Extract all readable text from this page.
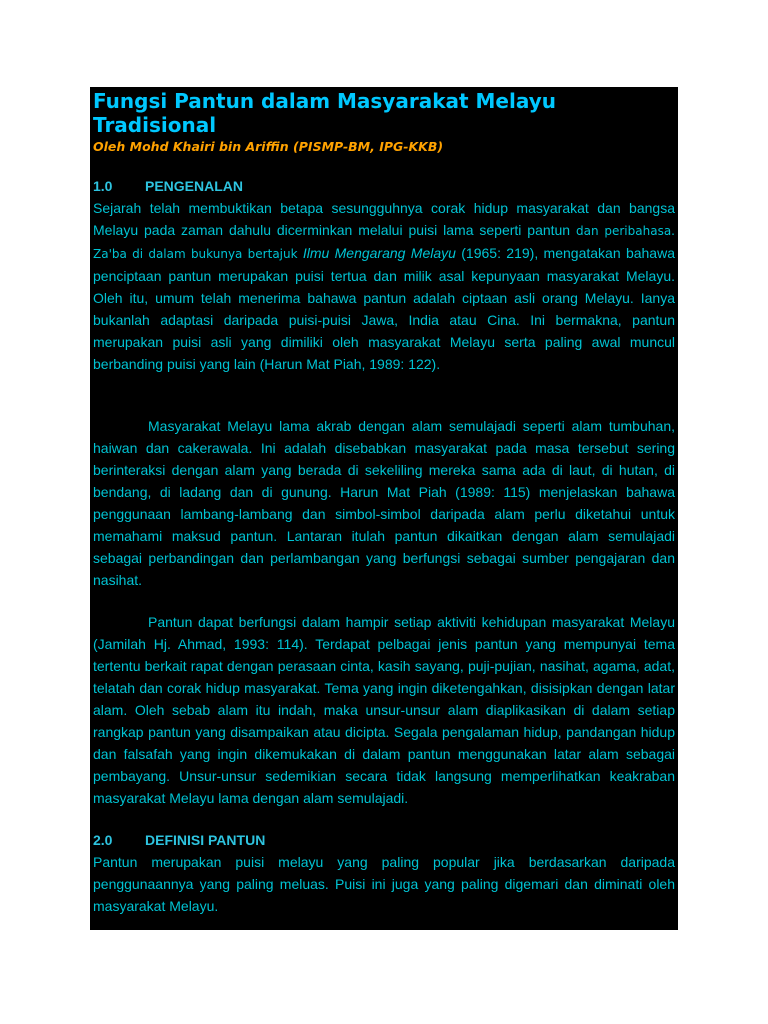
Fungsi Pantun dalam Masyarakat Melayu Tradisional
Oleh Mohd Khairi bin Ariffin (PISMP-BM, IPG-KKB)
1.0	PENGENALAN

Sejarah telah membuktikan betapa sesungguhnya corak hidup masyarakat dan bangsa Melayu pada zaman dahulu dicerminkan melalui puisi lama seperti pantun dan peribahasa. Za'ba di dalam bukunya bertajuk Ilmu Mengarang Melayu (1965: 219), mengatakan bahawa penciptaan pantun merupakan puisi tertua dan milik asal kepunyaan masyarakat Melayu. Oleh itu, umum telah menerima bahawa pantun adalah ciptaan asli orang Melayu. Ianya bukanlah adaptasi daripada puisi-puisi Jawa, India atau Cina. Ini bermakna, pantun merupakan puisi asli yang dimiliki oleh masyarakat Melayu serta paling awal muncul berbanding puisi yang lain (Harun Mat Piah, 1989: 122).

Masyarakat Melayu lama akrab dengan alam semulajadi seperti alam tumbuhan, haiwan dan cakerawala. Ini adalah disebabkan masyarakat pada masa tersebut sering berinteraksi dengan alam yang berada di sekeliling mereka sama ada di laut, di hutan, di bendang, di ladang dan di gunung. Harun Mat Piah (1989: 115) menjelaskan bahawa penggunaan lambang-lambang dan simbol-simbol daripada alam perlu diketahui untuk memahami maksud pantun. Lantaran itulah pantun dikaitkan dengan alam semulajadi sebagai perbandingan dan perlambangan yang berfungsi sebagai sumber pengajaran dan nasihat.

Pantun dapat berfungsi dalam hampir setiap aktiviti kehidupan masyarakat Melayu (Jamilah Hj. Ahmad, 1993: 114). Terdapat pelbagai jenis pantun yang mempunyai tema tertentu berkait rapat dengan perasaan cinta, kasih sayang, puji-pujian, nasihat, agama, adat, telatah dan corak hidup masyarakat. Tema yang ingin diketengahkan, disisipkan dengan latar alam. Oleh sebab alam itu indah, maka unsur-unsur alam diaplikasikan di dalam setiap rangkap pantun yang disampaikan atau dicipta. Segala pengalaman hidup, pandangan hidup dan falsafah yang ingin dikemukakan di dalam pantun menggunakan latar alam sebagai pembayang. Unsur-unsur sedemikian secara tidak langsung memperlihatkan keakraban masyarakat Melayu lama dengan alam semulajadi.

2.0	DEFINISI PANTUN

Pantun merupakan puisi melayu yang paling popular jika berdasarkan daripada penggunaannya yang paling meluas. Puisi ini juga yang paling digemari dan diminati oleh masyarakat Melayu.
